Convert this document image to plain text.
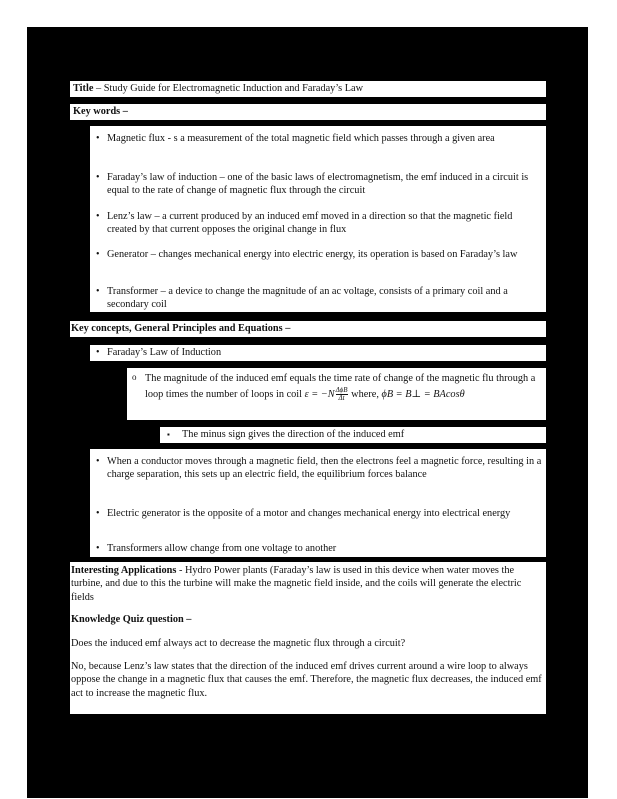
Title – Study Guide for Electromagnetic Induction and Faraday’s Law
Key words –
• Magnetic flux - s a measurement of the total magnetic field which passes through a given area
• Faraday’s law of induction – one of the basic laws of electromagnetism, the emf induced in a circuit is equal to the rate of change of magnetic flux through the circuit
• Lenz’s law – a current produced by an induced emf moved in a direction so that the magnetic field created by that current opposes the original change in flux
• Generator – changes mechanical energy into electric energy, its operation is based on Faraday’s law
• Transformer – a device to change the magnitude of an ac voltage, consists of a primary coil and a secondary coil
Key concepts, General Principles and Equations –
• Faraday’s Law of Induction
o The magnitude of the induced emf equals the time rate of change of the magnetic flu through a loop times the number of loops in coil $\varepsilon = -N \frac{\text{ΔϕB}}{\Delta t}$ where, ϕB = B⊥ = BAcosθ
▪	The minus sign gives the direction of the induced emf
• When a conductor moves through a magnetic field, then the electrons feel a magnetic force, resulting in a charge separation, this sets up an electric field, the equilibrium forces balance
• Electric generator is the opposite of a motor and changes mechanical energy into electrical energy
• Transformers allow change from one voltage to another
Interesting Applications - Hydro Power plants (Faraday’s law is used in this device when water moves the turbine, and due to this the turbine will make the magnetic field inside, and the coils will generate the electric fields
Knowledge Quiz question –
Does the induced emf always act to decrease the magnetic flux through a circuit?
No, because Lenz’s law states that the direction of the induced emf drives current around a wire loop to always oppose the change in a magnetic flux that causes the emf. Therefore, the magnetic flux decreases, the induced emf act to increase the magnetic flux.
